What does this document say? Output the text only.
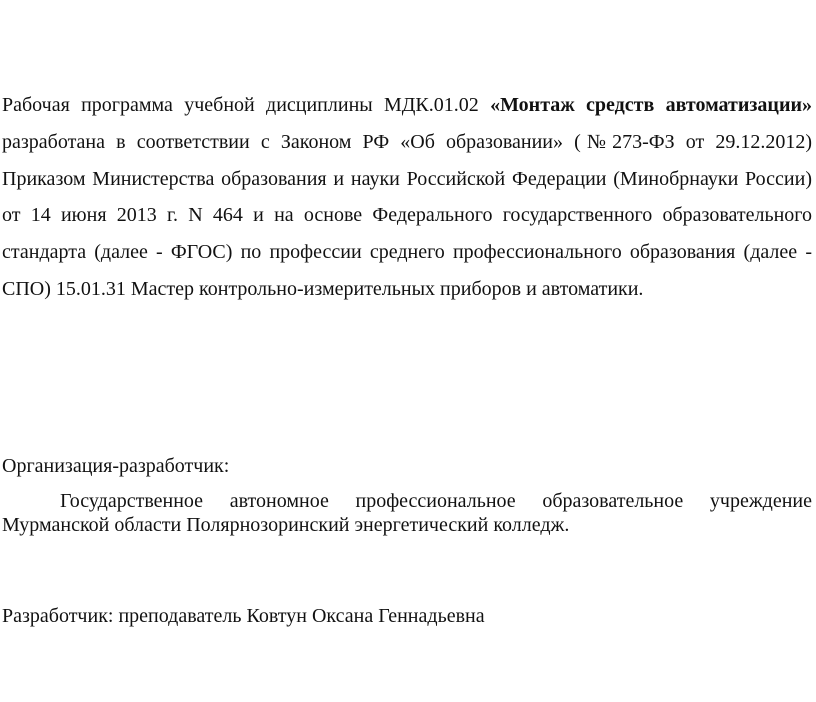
Рабочая программа учебной дисциплины МДК.01.02 «Монтаж средств автоматизации» разработана в соответствии с Законом РФ «Об образовании» (№273-ФЗ от 29.12.2012) Приказом Министерства образования и науки Российской Федерации (Минобрнауки России) от 14 июня 2013 г. N 464 и на основе Федерального государственного образовательного стандарта (далее - ФГОС) по профессии среднего профессионального образования (далее - СПО) 15.01.31 Мастер контрольно-измерительных приборов и автоматики.

Организация-разработчик:

Государственное автономное профессиональное образовательное учреждение Мурманской области Полярнозоринский энергетический колледж.

Разработчик: преподаватель Ковтун Оксана Геннадьевна
